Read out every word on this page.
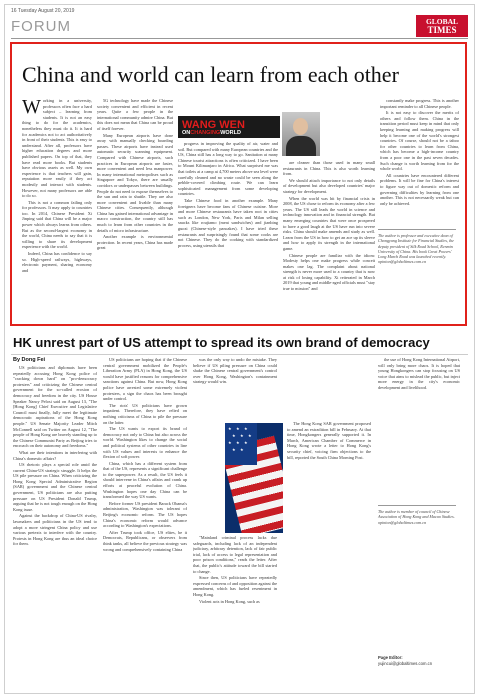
16 Tuesday August 20, 2019
FORUM	GLOBAL
TIMES
China and world can learn from each other
WANG WEN
ONCHANGINGWORLD

Working in a university, professors often face a hard subject – learning from students. It is not an easy thing to do for the academics, nonetheless they must do it. It is hard for academics not to act authoritatively in front of their students. This is easy to understand. After all, professors have higher education degrees and more published papers. On top of that, they have read more books. But students have obvious assets as well. My own experience is that teachers will gain, reputation more easily if they act modestly and interact with students. However, not many professors are able to do so.

This is not a common failing only for professors. It may apply to countries too. In 2014, Chinese President Xi Jinping said that China will be a major power which always learns from others. But as the second-largest economy in the world, China needs to say that it is willing to share its development experience with the world.

Indeed, China has confidence to say so. High-speed railways, highways, electronic payment, sharing economy and

5G technology have made the Chinese society convenient and efficient in recent years. Quite a few people in the international community admire China. But this does not mean that China can be proud of itself forever.

Many European airports have done away with manually checking boarding passes. These airports have instead used automatic security scanning equipment. Compared with Chinese airports, such practices in European airports are faster, more convenient and need less manpower. In many international metropolises such as Singapore and Tokyo, there are usually corridors or underpasses between buildings. People do not need to expose themselves to the sun and rain to shuttle. They are also more convenient and livable than many Chinese cities. Consequently, although China has gained international advantage in macro construction, the country still has much to learn from other countries in the details of micro infrastructure.

Another example is environmental protection. In recent years, China has made great

progress in improving the quality of air, water and soil. But compared with many European countries and the US, China still has a long way to go. Sanitation at many Chinese tourist attractions is often criticized. I have been to Mount Kilimanjaro in Africa. What surprised me was that toilets at a camp at 4,700 meters above sea level were carefully cleaned and no waste could be seen along the pebble-covered climbing route. We can learn sophisticated management from some developing countries.

Take Chinese food in another example. Many foreigners have become fans of Chinese cuisine. More and more Chinese restaurants have taken root in cities such as London, New York, Paris and Milan selling snacks like roujiamo (meat sandwiches) and jianbing guozi (Chinese-style pancakes). I have tried these restaurants and surprisingly found that some cooks are not Chinese. They do the cooking with standardized process, using utensils that

are cleaner than those used in many small restaurants in China. This is also worth learning from.

We should attach importance to not only details of development but also developed countries' major strategy for development.

When the world was hit by financial crisis in 2008, the US chose to reform its economy after a few years. The US still leads the world in science and technology innovation and in financial strength. But many emerging countries that were once prospered to have a good laugh at the US have run into severe risks. China should make amends and study as well. Learn from the US in how to get an ace up its sleeve and how to apply its strength in the international game.

Chinese people are familiar with the idiom: Modesty helps one make progress while conceit makes one lag. The complaint about national strength is never more used to a country that is now at risk of losing capability. Xi reiterated in March 2019 that young and middle-aged officials must "stay true to mission" and

constantly make progress. This is another important reminder to all Chinese people.

It is not easy to discover the merits of others and follow them. China in the transition period must keep in mind that only keeping learning and making progress will help it become one of the world's strongest countries. Of course, should not be a taboo for other countries to learn from China, which has become a high-income country from a poor one in the past seven decades. Such change is worth learning from for the whole world.

All countries have encountered different problems. It will be fine for China's interest to figure way out of domestic reform and governing difficulties by learning from one another. This is not necessarily weak but can only be achieved.

The author is professor and executive dean of Chongyang Institute for Financial Studies, the deputy president of Silk Road School, Renmin University of China. His book Great Powers' Long March Road was launched recently. opinion@globaltimes.com.cn
HK unrest part of US attempt to spread its own brand of democracy
By Dong Fei

US politicians and diplomats have been repeatedly accusing Hong Kong police of "cracking down hard" on "pro-democracy protesters" and criticizing the Chinese central government for the so-called erosion of democracy and freedom in the city. US House Speaker Nancy Pelosi said on August 13, "The [Hong Kong] Chief Executive and Legislative Council must finally, fully meet the legitimate democratic aspirations of the Hong Kong people." US Senate Majority Leader Mitch McConnell said on Twitter on August 12, "The people of Hong Kong are bravely standing up to the Chinese Communist Party as Beijing tries to encroach on their autonomy and freedoms."

What are their intentions in interfering with China's domestic affairs?

US rhetoric plays a special role amid the current China-US strategic struggle. It helps the US pile pressure on China. When criticizing the Hong Kong Special Administrative Region (SAR) government and the Chinese central government, US politicians are also putting pressure on US President Donald Trump, arguing that he is not tough enough on the Hong Kong issue.

Against the backdrop of China-US rivalry, lawmakers and politicians in the US tend to adopt a more stringent China policy and use various pretexts to interfere with the country. Protests in Hong Kong are thus an ideal choice for them.

US politicians are hoping that if the Chinese central government mobilized the People's Liberation Army (PLA) in Hong Kong, the US would have justified reasons for comprehensive sanctions against China. But now, Hong Kong police have arrested some extremely violent protesters, a sign the chaos has been brought under control.

The riots' US politicians have grown impatient. Therefore, they have relied on nothing criticisms of China to pile the pressure on the latter.

The US wants to export its brand of democracy not only to China but also across the world. Washington likes to change the social and political systems of other countries in line with US values and interests to enhance the flexion of soft power.

China, which has a different system from that of the US, represents a significant challenge to the superpower. As a result, the US feels it should intervene in China's affairs and crank up efforts at peaceful evolution of China. Washington hopes one day China can be transformed the way US wants.

Before former US president Barack Obama's administration, Washington was tolerant of Beijing's economic reform. The US hopes China's economic reform would advance according to Washington's expectations.

After Trump took office, US elites, be it Democrats, Republicans, or observers from think tanks, all believe the previous strategy was wrong and comprehensively containing China

★ ★ ★
★ ★ ★
★ ★ ★
★ ★

was the only way to undo the mistake. They believe if US piling pressure on China could shake the Chinese central government's control over Hong Kong, Washington's containment strategy would win.

"Mainland criminal process lacks due safeguards, including lack of an independent judiciary, arbitrary detention, lack of fair public trial, lack of access to legal representation and poor prison conditions," reads the letter. After that, the public's attitude toward the bill started to change.

Since then, US politicians have repeatedly expressed concerns of and opposition against the amendment, which has fueled resentment in Hong Kong.

Violent acts in Hong Kong, such as

The Hong Kong SAR government proposed to amend an extradition bill in February. At that time, Hongkongers generally supported it. In March, American Chamber of Commerce in Hong Kong wrote a letter to Hong Kong's security chief, voicing firm objections to the bill, reported the South China Morning Post.

the use of Hong Kong International Airport, will only bring more chaos. It is hoped that young Hongkongers can stop focusing on US voice that aims to mislead the public, but inject more energy in the city's economic development and livelihood.

The author is member of council of Chinese Association of Hong Kong and Macao Studies. opinion@globaltimes.com.cn
Page Editor:
yujincui@globaltimes.com.cn
